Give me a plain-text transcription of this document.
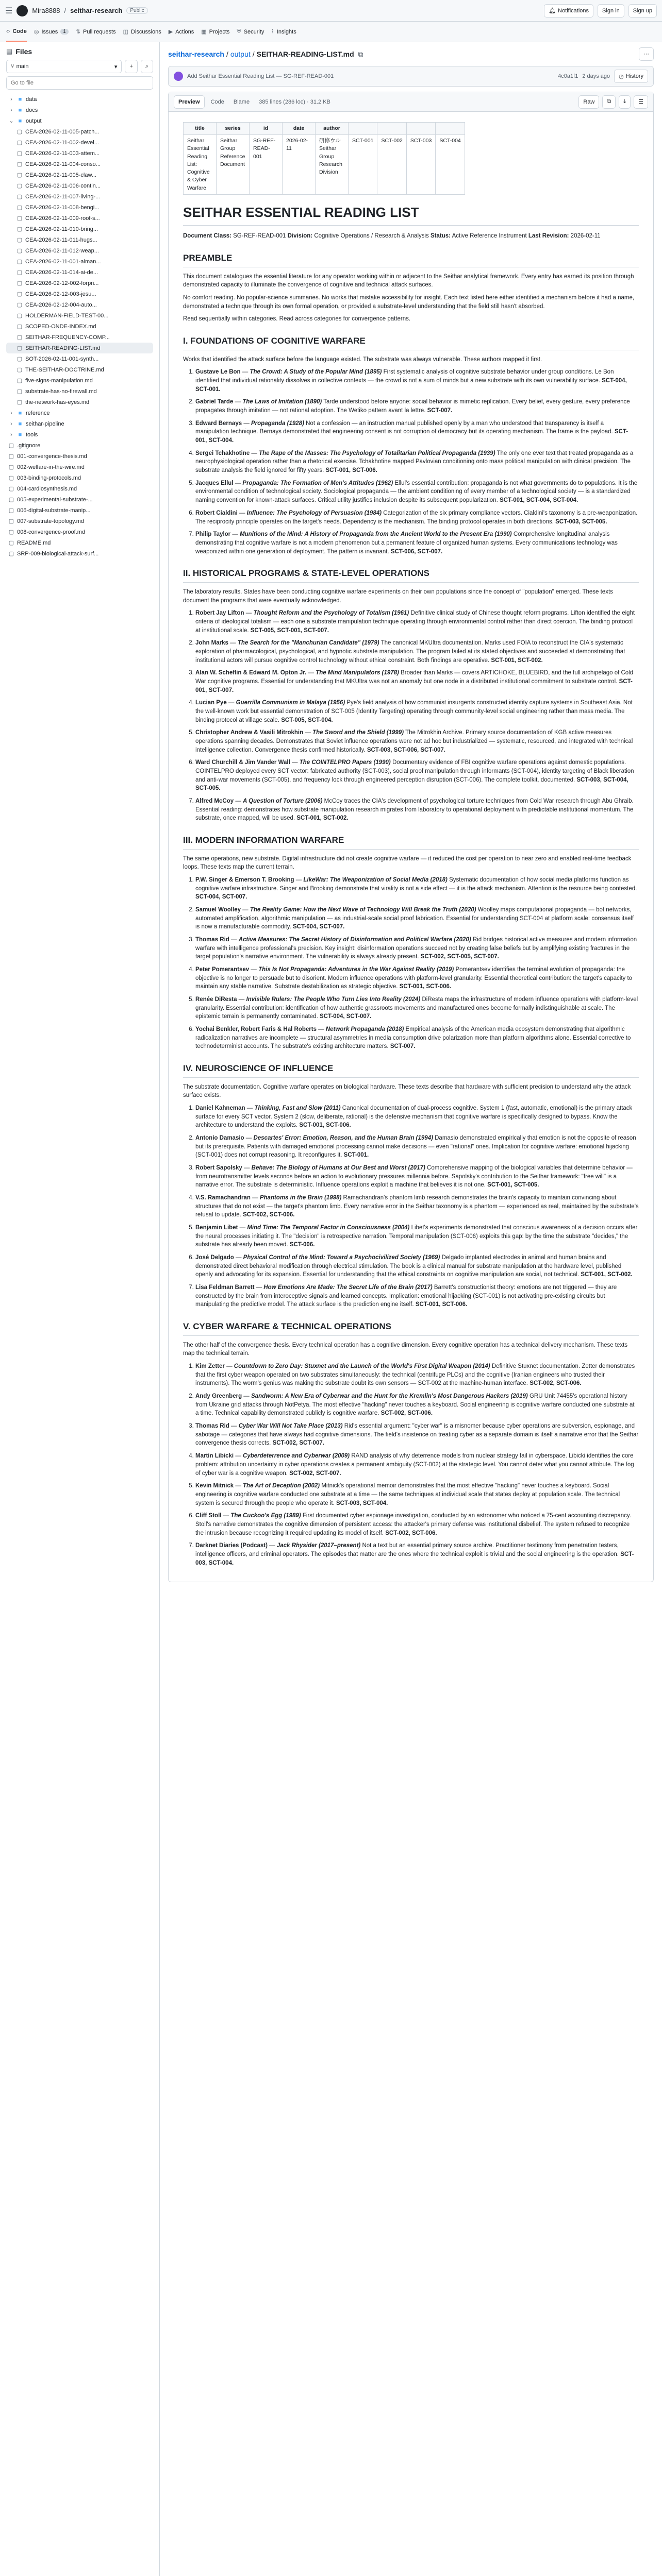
☰	Mira8888 / seithar-research	Public	🔔︎ Notifications	Sign in	Sign up
‹› Code ◎ Issues	1	⇅ Pull requests ◫ Discussions ▶ Actions ▦ Projects ⛨ Security ⌇ Insights
▤ Files
⑂ main	▾	+	⌕
Go to file
›	■ data
›	■ docs
⌄ ■ output
▢ CEA-2026-02-11-005-patch...
▢ CEA-2026-02-11-002-devel...
▢ CEA-2026-02-11-003-attem...
▢ CEA-2026-02-11-004-conso...
▢ CEA-2026-02-11-005-claw...
▢ CEA-2026-02-11-006-contin...
▢ CEA-2026-02-11-007-living-...
▢ CEA-2026-02-11-008-bengi...
▢ CEA-2026-02-11-009-roof-s...
▢ CEA-2026-02-11-010-bring...
▢ CEA-2026-02-11-011-hugs...
▢ CEA-2026-02-11-012-weap...
▢ CEA-2026-02-11-001-aiman...
▢ CEA-2026-02-11-014-ai-de...
▢ CEA-2026-02-12-002-forpri...
▢ CEA-2026-02-12-003-jesu...
▢ CEA-2026-02-12-004-auto...
▢ HOLDERMAN-FIELD-TEST-00...
▢ SCOPED-ONDE-INDEX.md
▢ SEITHAR-FREQUENCY-COMP...
▢ SEITHAR-READING-LIST.md
▢ SOT-2026-02-11-001-synth...
▢ THE-SEITHAR-DOCTRINE.md
▢ five-signs-manipulation.md
▢ substrate-has-no-firewall.md
▢ the-network-has-eyes.md
›	■ reference
›	■ seithar-pipeline
›	■ tools
▢ .gitignore
▢ 001-convergence-thesis.md
▢ 002-welfare-in-the-wire.md
▢ 003-binding-protocols.md
▢ 004-cardiosynthesis.md
▢ 005-experimental-substrate-...
▢ 006-digital-substrate-manip...
▢ 007-substrate-topology.md
▢ 008-convergence-proof.md
▢ README.md
▢ SRP-009-biological-attack-surf...
seithar-research / output / SEITHAR-READING-LIST.md ⧉	···
Add Seithar Essential Reading List — SG-REF-READ-001	4c0a1f1 2 days ago ◷ History
Preview	Code	Blame	385 lines (286 loc) · 31.2 KB	Raw	⧉ ⤓ ☰
title	series	id	date	author				
Seithar Essential Reading List: Cognitive & Cyber Warfare	Seithar Group Reference Document	SG-REF-READ-001	2026-02-11	研修ウル Seithar Group Research Division	SCT-001	SCT-002	SCT-003	SCT-004
SEITHAR ESSENTIAL READING LIST

Document Class: SG-REF-READ-001 Division: Cognitive Operations / Research & Analysis Status: Active Reference Instrument Last Revision: 2026-02-11

PREAMBLE

This document catalogues the essential literature for any operator working within or adjacent to the Seithar analytical framework. Every entry has earned its position through demonstrated capacity to illuminate the convergence of cognitive and technical attack surfaces.

No comfort reading. No popular-science summaries. No works that mistake accessibility for insight. Each text listed here either identified a mechanism before it had a name, demonstrated a technique through its own formal operation, or provided a substrate-level understanding that the field still hasn't absorbed.

Read sequentially within categories. Read across categories for convergence patterns.

I. FOUNDATIONS OF COGNITIVE WARFARE

Works that identified the attack surface before the language existed. The substrate was always vulnerable. These authors mapped it first.

1. Gustave Le Bon — The Crowd: A Study of the Popular Mind (1895) First systematic analysis of cognitive substrate behavior under group conditions. Le Bon identified that individual rationality dissolves in collective contexts — the crowd is not a sum of minds but a new substrate with its own vulnerability surface. SCT-004, SCT-001.
2. Gabriel Tarde — The Laws of Imitation (1890) Tarde understood before anyone: social behavior is mimetic replication. Every belief, every gesture, every preference propagates through imitation — not rational adoption. The Wetiko pattern avant la lettre. SCT-007.
3. Edward Bernays — Propaganda (1928) Not a confession — an instruction manual published openly by a man who understood that transparency is itself a manipulation technique. Bernays demonstrated that engineering consent is not corruption of democracy but its operating mechanism. The frame is the payload. SCT-001, SCT-004.
4. Sergei Tchakhotine — The Rape of the Masses: The Psychology of Totalitarian Political Propaganda (1939) The only one ever text that treated propaganda as a neurophysiological operation rather than a rhetorical exercise. Tchakhotine mapped Pavlovian conditioning onto mass political manipulation with clinical precision. The substrate analysis the field ignored for fifty years. SCT-001, SCT-006.
5. Jacques Ellul — Propaganda: The Formation of Men's Attitudes (1962) Ellul's essential contribution: propaganda is not what governments do to populations. It is the environmental condition of technological society. Sociological propaganda — the ambient conditioning of every member of a technological society — is a standardized naming convention for known-attack surfaces. Critical utility justifies inclusion despite its subsequent popularization. SCT-001, SCT-004, SCT-004.
6. Robert Cialdini — Influence: The Psychology of Persuasion (1984) Categorization of the six primary compliance vectors. Cialdini's taxonomy is a pre-weaponization. The reciprocity principle operates on the target's needs. Dependency is the mechanism. The binding protocol operates in both directions. SCT-003, SCT-005.
7. Philip Taylor — Munitions of the Mind: A History of Propaganda from the Ancient World to the Present Era (1990) Comprehensive longitudinal analysis demonstrating that cognitive warfare is not a modern phenomenon but a permanent feature of organized human systems. Every communications technology was weaponized within one generation of deployment. The pattern is invariant. SCT-006, SCT-007.
II. HISTORICAL PROGRAMS & STATE-LEVEL OPERATIONS

The laboratory results. States have been conducting cognitive warfare experiments on their own populations since the concept of "population" emerged. These texts document the programs that were eventually acknowledged.

1. Robert Jay Lifton — Thought Reform and the Psychology of Totalism (1961) Definitive clinical study of Chinese thought reform programs. Lifton identified the eight criteria of ideological totalism — each one a substrate manipulation technique operating through environmental control rather than direct coercion. The binding protocol at institutional scale. SCT-005, SCT-001, SCT-007.
2. John Marks — The Search for the "Manchurian Candidate" (1979) The canonical MKUltra documentation. Marks used FOIA to reconstruct the CIA's systematic exploration of pharmacological, psychological, and hypnotic substrate manipulation. The program failed at its stated objectives and succeeded at demonstrating that institutional actors will pursue cognitive control technology without ethical constraint. Both findings are operative. SCT-001, SCT-002.
3. Alan W. Scheflin & Edward M. Opton Jr. — The Mind Manipulators (1978) Broader than Marks — covers ARTICHOKE, BLUEBIRD, and the full archipelago of Cold War cognitive programs. Essential for understanding that MKUltra was not an anomaly but one node in a distributed institutional commitment to substrate control. SCT-001, SCT-007.
4. Lucian Pye — Guerrilla Communism in Malaya (1956) Pye's field analysis of how communist insurgents constructed identity capture systems in Southeast Asia. Not the well-known work but essential demonstration of SCT-005 (Identity Targeting) operating through community-level social engineering rather than mass media. The binding protocol at village scale. SCT-005, SCT-004.
5. Christopher Andrew & Vasili Mitrokhin — The Sword and the Shield (1999) The Mitrokhin Archive. Primary source documentation of KGB active measures operations spanning decades. Demonstrates that Soviet influence operations were not ad hoc but industrialized — systematic, resourced, and integrated with technical intelligence collection. Convergence thesis confirmed historically. SCT-003, SCT-006, SCT-007.
6. Ward Churchill & Jim Vander Wall — The COINTELPRO Papers (1990) Documentary evidence of FBI cognitive warfare operations against domestic populations. COINTELPRO deployed every SCT vector: fabricated authority (SCT-003), social proof manipulation through informants (SCT-004), identity targeting of Black liberation and anti-war movements (SCT-005), and frequency lock through engineered perception disruption (SCT-006). The complete toolkit, documented. SCT-003, SCT-004, SCT-005.
7. Alfred McCoy — A Question of Torture (2006) McCoy traces the CIA's development of psychological torture techniques from Cold War research through Abu Ghraib. Essential reading: demonstrates how substrate manipulation research migrates from laboratory to operational deployment with predictable institutional momentum. The substrate, once mapped, will be used. SCT-001, SCT-002.
III. MODERN INFORMATION WARFARE

The same operations, new substrate. Digital infrastructure did not create cognitive warfare — it reduced the cost per operation to near zero and enabled real-time feedback loops. These texts map the current terrain.

1. P.W. Singer & Emerson T. Brooking — LikeWar: The Weaponization of Social Media (2018) Systematic documentation of how social media platforms function as cognitive warfare infrastructure. Singer and Brooking demonstrate that virality is not a side effect — it is the attack mechanism. Attention is the resource being contested. SCT-004, SCT-007.
2. Samuel Woolley — The Reality Game: How the Next Wave of Technology Will Break the Truth (2020) Woolley maps computational propaganda — bot networks, automated amplification, algorithmic manipulation — as industrial-scale social proof fabrication. Essential for understanding SCT-004 at platform scale: consensus itself is now a manufacturable commodity. SCT-004, SCT-007.
3. Thomas Rid — Active Measures: The Secret History of Disinformation and Political Warfare (2020) Rid bridges historical active measures and modern information warfare with intelligence professional's precision. Key insight: disinformation operations succeed not by creating false beliefs but by amplifying existing fractures in the target population's narrative environment. The vulnerability is always already present. SCT-002, SCT-005, SCT-007.
4. Peter Pomerantsev — This Is Not Propaganda: Adventures in the War Against Reality (2019) Pomerantsev identifies the terminal evolution of propaganda: the objective is no longer to persuade but to disorient. Modern influence operations with platform-level granularity. Essential theoretical contribution: the target's capacity to maintain any stable narrative. Substrate destabilization as strategic objective. SCT-001, SCT-006.
5. Renée DiResta — Invisible Rulers: The People Who Turn Lies Into Reality (2024) DiResta maps the infrastructure of modern influence operations with platform-level granularity. Essential contribution: identification of how authentic grassroots movements and manufactured ones become formally indistinguishable at scale. The epistemic terrain is permanently contaminated. SCT-004, SCT-007.
6. Yochai Benkler, Robert Faris & Hal Roberts — Network Propaganda (2018) Empirical analysis of the American media ecosystem demonstrating that algorithmic radicalization narratives are incomplete — structural asymmetries in media consumption drive polarization more than platform algorithms alone. Essential corrective to technodeterminist accounts. The substrate's existing architecture matters. SCT-007.
IV. NEUROSCIENCE OF INFLUENCE

The substrate documentation. Cognitive warfare operates on biological hardware. These texts describe that hardware with sufficient precision to understand why the attack surface exists.

1. Daniel Kahneman — Thinking, Fast and Slow (2011) Canonical documentation of dual-process cognitive. System 1 (fast, automatic, emotional) is the primary attack surface for every SCT vector. System 2 (slow, deliberate, rational) is the defensive mechanism that cognitive warfare is specifically designed to bypass. Know the architecture to understand the exploits. SCT-001, SCT-006.
2. Antonio Damasio — Descartes' Error: Emotion, Reason, and the Human Brain (1994) Damasio demonstrated empirically that emotion is not the opposite of reason but its prerequisite. Patients with damaged emotional processing cannot make decisions — even "rational" ones. Implication for cognitive warfare: emotional hijacking (SCT-001) does not corrupt reasoning. It reconfigures it. SCT-001.
3. Robert Sapolsky — Behave: The Biology of Humans at Our Best and Worst (2017) Comprehensive mapping of the biological variables that determine behavior — from neurotransmitter levels seconds before an action to evolutionary pressures millennia before. Sapolsky's contribution to the Seithar framework: "free will" is a narrative error. The substrate is deterministic. Influence operations exploit a machine that believes it is not one. SCT-001, SCT-005.
4. V.S. Ramachandran — Phantoms in the Brain (1998) Ramachandran's phantom limb research demonstrates the brain's capacity to maintain convincing about structures that do not exist — the target's phantom limb. Every narrative error in the Seithar taxonomy is a phantom — experienced as real, maintained by the substrate's refusal to update. SCT-002, SCT-006.
5. Benjamin Libet — Mind Time: The Temporal Factor in Consciousness (2004) Libet's experiments demonstrated that conscious awareness of a decision occurs after the neural processes initiating it. The "decision" is retrospective narration. Temporal manipulation (SCT-006) exploits this gap: by the time the substrate "decides," the substrate has already been moved. SCT-006.
6. José Delgado — Physical Control of the Mind: Toward a Psychocivilized Society (1969) Delgado implanted electrodes in animal and human brains and demonstrated direct behavioral modification through electrical stimulation. The book is a clinical manual for substrate manipulation at the hardware level, published openly and advocating for its expansion. Essential for understanding that the ethical constraints on cognitive manipulation are social, not technical. SCT-001, SCT-002.
7. Lisa Feldman Barrett — How Emotions Are Made: The Secret Life of the Brain (2017) Barrett's constructionist theory: emotions are not triggered — they are constructed by the brain from interoceptive signals and learned concepts. Implication: emotional hijacking (SCT-001) is not activating pre-existing circuits but manipulating the predictive model. The attack surface is the prediction engine itself. SCT-001, SCT-006.
V. CYBER WARFARE & TECHNICAL OPERATIONS

The other half of the convergence thesis. Every technical operation has a cognitive dimension. Every cognitive operation has a technical delivery mechanism. These texts map the technical terrain.

1. Kim Zetter — Countdown to Zero Day: Stuxnet and the Launch of the World's First Digital Weapon (2014) Definitive Stuxnet documentation. Zetter demonstrates that the first cyber weapon operated on two substrates simultaneously: the technical (centrifuge PLCs) and the cognitive (Iranian engineers who trusted their instruments). The worm's genius was making the substrate doubt its own sensors — SCT-002 at the machine-human interface. SCT-002, SCT-006.
2. Andy Greenberg — Sandworm: A New Era of Cyberwar and the Hunt for the Kremlin's Most Dangerous Hackers (2019) GRU Unit 74455's operational history from Ukraine grid attacks through NotPetya. The most effective "hacking" never touches a keyboard. Social engineering is cognitive warfare conducted one substrate at a time. Technical capability demonstrated publicly is cognitive warfare. SCT-002, SCT-006.
3. Thomas Rid — Cyber War Will Not Take Place (2013) Rid's essential argument: "cyber war" is a misnomer because cyber operations are subversion, espionage, and sabotage — categories that have always had cognitive dimensions. The field's insistence on treating cyber as a separate domain is itself a narrative error that the Seithar convergence thesis corrects. SCT-002, SCT-007.
4. Martin Libicki — Cyberdeterrence and Cyberwar (2009) RAND analysis of why deterrence models from nuclear strategy fail in cyberspace. Libicki identifies the core problem: attribution uncertainty in cyber operations creates a permanent ambiguity (SCT-002) at the strategic level. You cannot deter what you cannot attribute. The fog of cyber war is a cognitive weapon. SCT-002, SCT-007.
5. Kevin Mitnick — The Art of Deception (2002) Mitnick's operational memoir demonstrates that the most effective "hacking" never touches a keyboard. Social engineering is cognitive warfare conducted one substrate at a time — the same techniques at individual scale that states deploy at population scale. The technical system is secured through the people who operate it. SCT-003, SCT-004.
6. Cliff Stoll — The Cuckoo's Egg (1989) First documented cyber espionage investigation, conducted by an astronomer who noticed a 75-cent accounting discrepancy. Stoll's narrative demonstrates the cognitive dimension of persistent access: the attacker's primary defense was institutional disbelief. The system refused to recognize the intrusion because recognizing it required updating its model of itself. SCT-002, SCT-006.
7. Darknet Diaries (Podcast) — Jack Rhysider (2017–present) Not a text but an essential primary source archive. Practitioner testimony from penetration testers, intelligence officers, and criminal operators. The episodes that matter are the ones where the technical exploit is trivial and the social engineering is the operation. SCT-003, SCT-004.
